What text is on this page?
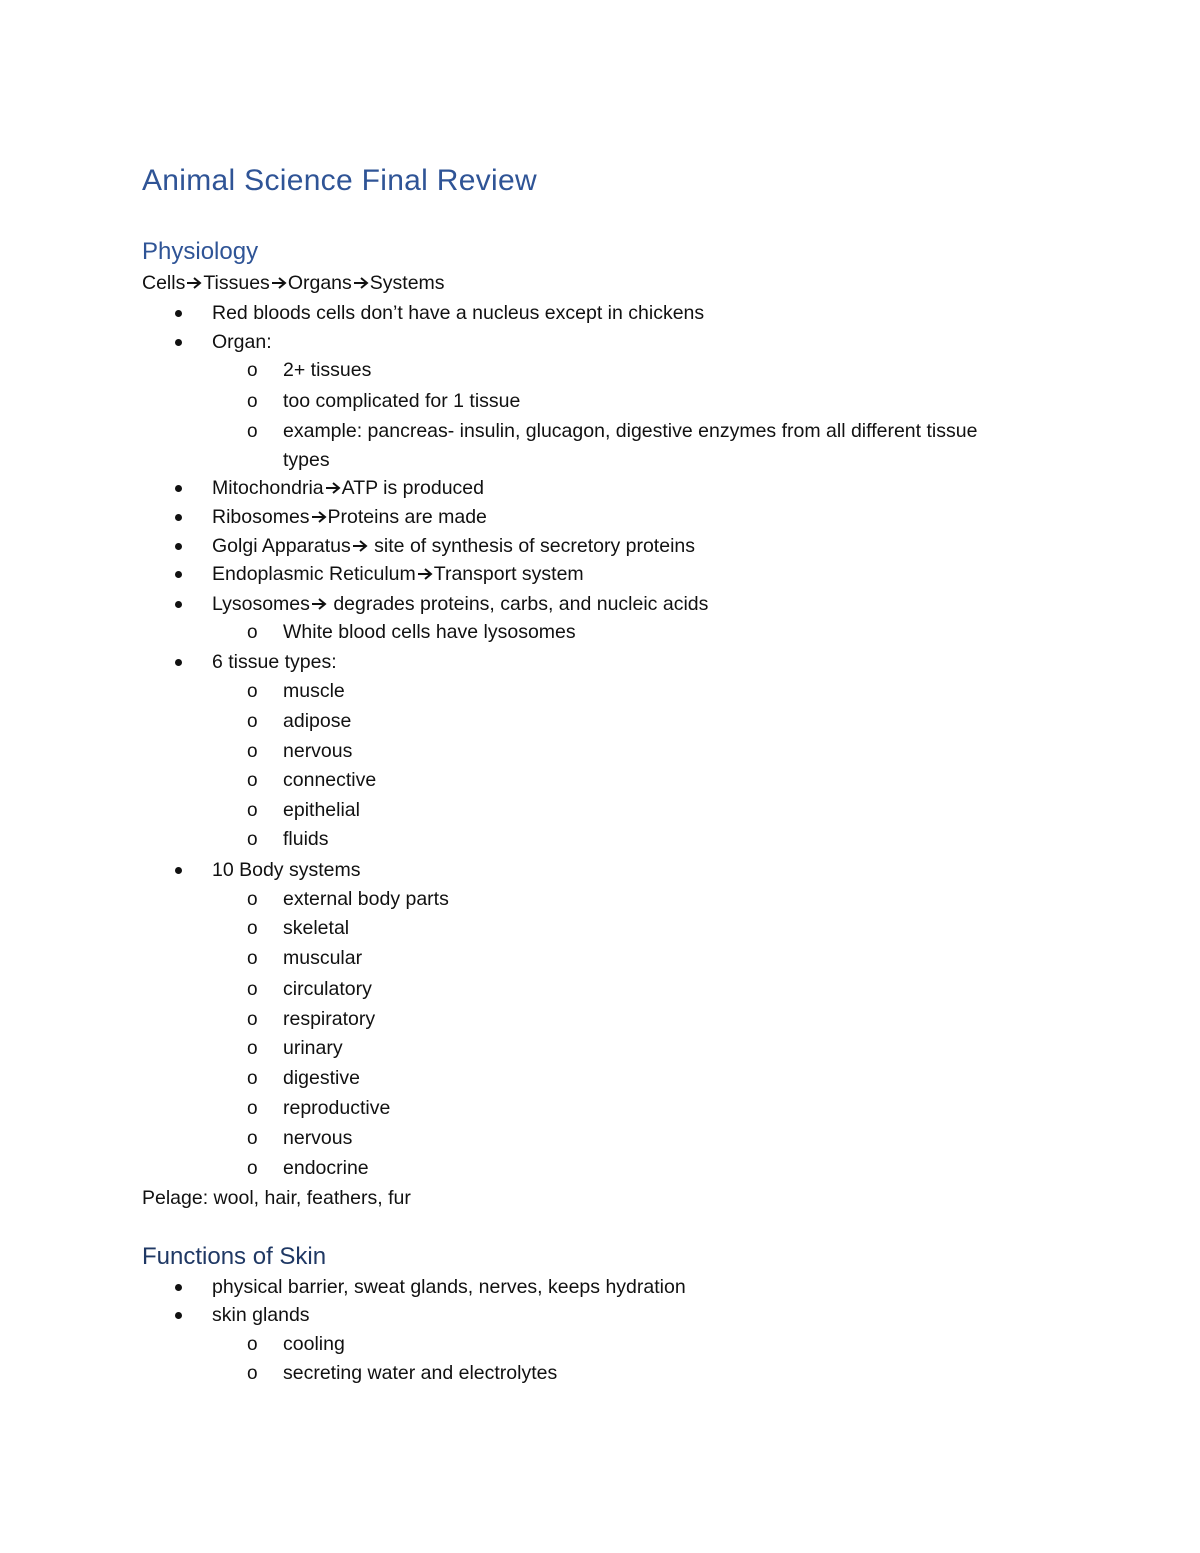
Animal Science Final Review
Physiology
Cells Tissues Organs Systems
Red bloods cells don’t have a nucleus except in chickens
Organ:
o 2+ tissues
o too complicated for 1 tissue
o example: pancreas- insulin, glucagon, digestive enzymes from all different tissue
types
Mitochondria ATP is produced
Ribosomes Proteins are made
Golgi Apparatus
site of synthesis of secretory proteins
Endoplasmic Reticulum Transport system
Lysosomes
degrades proteins, carbs, and nucleic acids
o White blood cells have lysosomes
6 tissue types:
o muscle
o adipose
o nervous
o connective
o epithelial
o fluids
10 Body systems
o external body parts
o skeletal
o muscular
o circulatory
o respiratory
o urinary
o digestive
o reproductive
o nervous
o endocrine
Pelage: wool, hair, feathers, fur
Functions of Skin
physical barrier, sweat glands, nerves, keeps hydration
skin glands
o cooling
o secreting water and electrolytes
